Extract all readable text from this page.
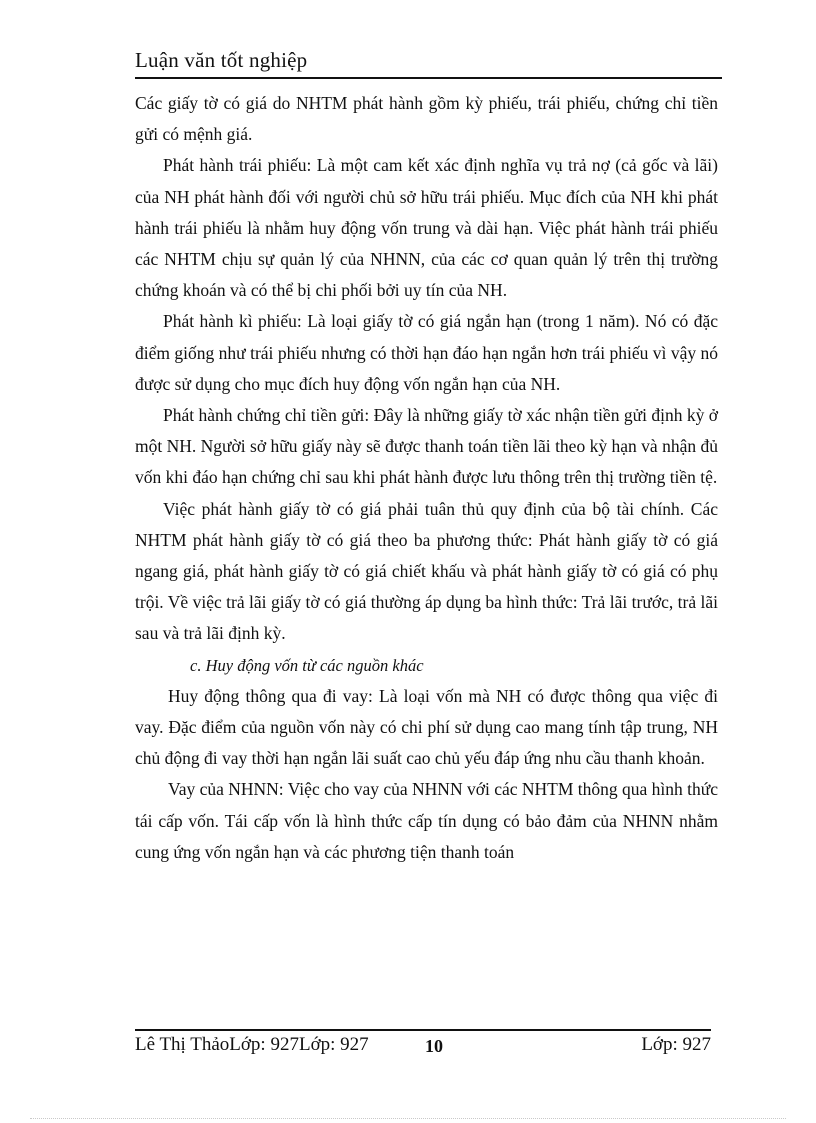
Luận văn tốt nghiệp

Các giấy tờ có giá do NHTM phát hành gồm kỳ phiếu, trái phiếu, chứng chỉ tiền gửi có mệnh giá.

Phát hành trái phiếu: Là một cam kết xác định nghĩa vụ trả nợ (cả gốc và lãi) của NH phát hành đối với người chủ sở hữu trái phiếu. Mục đích của NH khi phát hành trái phiếu là nhằm huy động vốn trung và dài hạn. Việc phát hành trái phiếu các NHTM chịu sự quản lý của NHNN, của các cơ quan quản lý trên thị trường chứng khoán và có thể bị chi phối bởi uy tín của NH.

Phát hành kì phiếu: Là loại giấy tờ có giá ngắn hạn (trong 1 năm). Nó có đặc điểm giống như trái phiếu nhưng có thời hạn đáo hạn ngắn hơn trái phiếu vì vậy nó được sử dụng cho mục đích huy động vốn ngắn hạn của NH.

Phát hành chứng chỉ tiền gửi: Đây là những giấy tờ xác nhận tiền gửi định kỳ ở một NH. Người sở hữu giấy này sẽ được thanh toán tiền lãi theo kỳ hạn và nhận đủ vốn khi đáo hạn chứng chỉ sau khi phát hành được lưu thông trên thị trường tiền tệ.

Việc phát hành giấy tờ có giá phải tuân thủ quy định của bộ tài chính. Các NHTM phát hành giấy tờ có giá theo ba phương thức: Phát hành giấy tờ có giá ngang giá, phát hành giấy tờ có giá chiết khấu và phát hành giấy tờ có giá có phụ trội. Về việc trả lãi giấy tờ có giá thường áp dụng ba hình thức: Trả lãi trước, trả lãi sau và trả lãi định kỳ.

c. Huy động vốn từ các nguồn khác

Huy động thông qua đi vay: Là loại vốn mà NH có được thông qua việc đi vay. Đặc điểm của nguồn vốn này có chi phí sử dụng cao mang tính tập trung, NH chủ động đi vay thời hạn ngắn lãi suất cao chủ yếu đáp ứng nhu cầu thanh khoản.

Vay của NHNN: Việc cho vay của NHNN với các NHTM thông qua hình thức tái cấp vốn. Tái cấp vốn là hình thức cấp tín dụng có bảo đảm của NHNN nhằm cung ứng vốn ngắn hạn và các phương tiện thanh toán

Lê Thị ThảoLớp: 927Lớp: 927	10	Lớp: 927
